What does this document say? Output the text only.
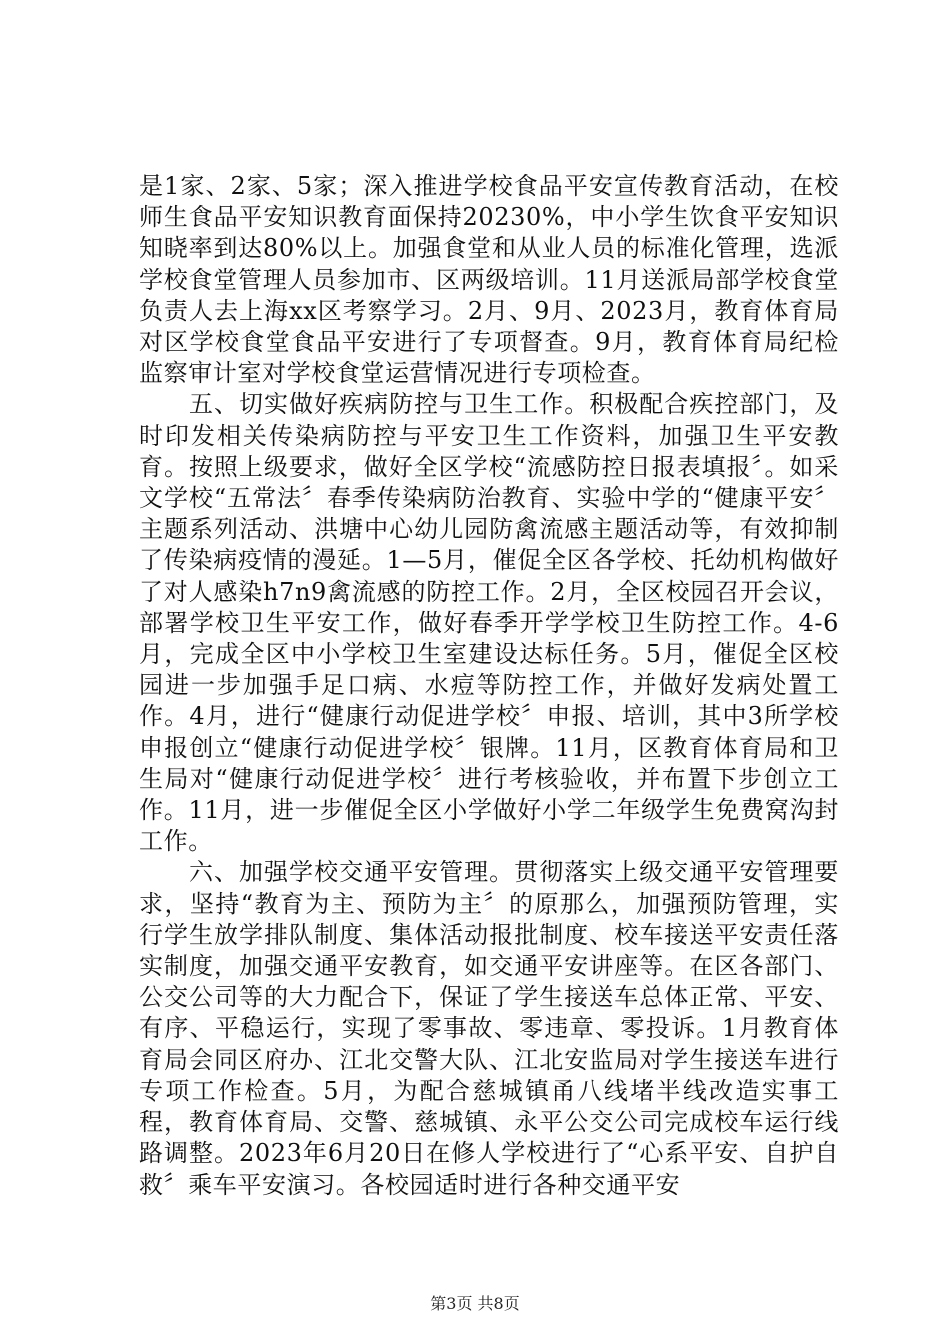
是1家、2家、5家；深入推进学校食品平安宣传教育活动，在校师生食品平安知识教育面保持20230%，中小学生饮食平安知识知晓率到达80%以上。加强食堂和从业人员的标准化管理，选派学校食堂管理人员参加市、区两级培训。11月送派局部学校食堂负责人去上海xx区考察学习。2月、9月、2023月，教育体育局对区学校食堂食品平安进行了专项督查。9月，教育体育局纪检监察审计室对学校食堂运营情况进行专项检查。

五、切实做好疾病防控与卫生工作。积极配合疾控部门，及时印发相关传染病防控与平安卫生工作资料，加强卫生平安教育。按照上级要求，做好全区学校“流感防控日报表填报〞。如采文学校“五常法〞春季传染病防治教育、实验中学的“健康平安〞主题系列活动、洪塘中心幼儿园防禽流感主题活动等，有效抑制了传染病疫情的漫延。1—5月，催促全区各学校、托幼机构做好了对人感染h7n9禽流感的防控工作。2月，全区校园召开会议，部署学校卫生平安工作，做好春季开学学校卫生防控工作。4-6月，完成全区中小学校卫生室建设达标任务。5月，催促全区校园进一步加强手足口病、水痘等防控工作，并做好发病处置工作。4月，进行“健康行动促进学校〞申报、培训，其中3所学校申报创立“健康行动促进学校〞银牌。11月，区教育体育局和卫生局对“健康行动促进学校〞进行考核验收，并布置下步创立工作。11月，进一步催促全区小学做好小学二年级学生免费窝沟封工作。

六、加强学校交通平安管理。贯彻落实上级交通平安管理要求，坚持“教育为主、预防为主〞的原那么，加强预防管理，实行学生放学排队制度、集体活动报批制度、校车接送平安责任落实制度，加强交通平安教育，如交通平安讲座等。在区各部门、公交公司等的大力配合下，保证了学生接送车总体正常、平安、有序、平稳运行，实现了零事故、零违章、零投诉。1月教育体育局会同区府办、江北交警大队、江北安监局对学生接送车进行专项工作检查。5月，为配合慈城镇甬八线堵半线改造实事工程，教育体育局、交警、慈城镇、永平公交公司完成校车运行线路调整。2023年6月20日在修人学校进行了“心系平安、自护自救〞乘车平安演习。各校园适时进行各种交通平安

第3页 共8页
